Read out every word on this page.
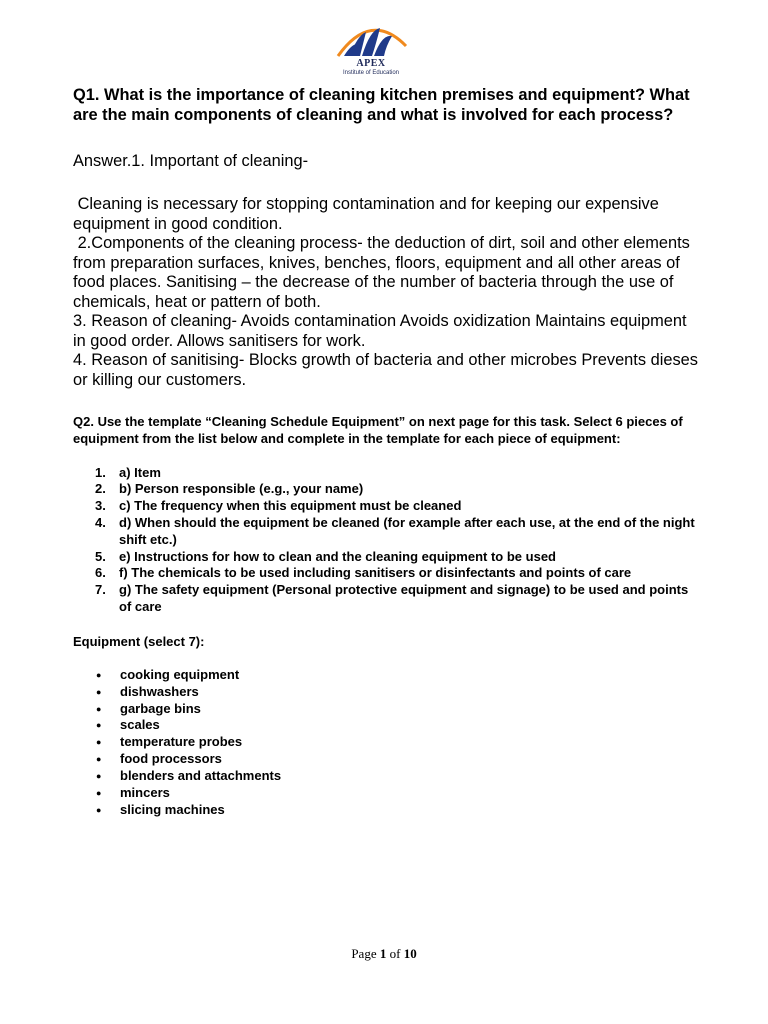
APEX
Institute of Education

Q1. What is the importance of cleaning kitchen premises and equipment? What are the main components of cleaning and what is involved for each process?

Answer.1. Important of cleaning-

Cleaning is necessary for stopping contamination and for keeping our expensive equipment in good condition.

2.Components of the cleaning process- the deduction of dirt, soil and other elements from preparation surfaces, knives, benches, floors, equipment and all other areas of food places. Sanitising – the decrease of the number of bacteria through the use of chemicals, heat or pattern of both.

3. Reason of cleaning- Avoids contamination Avoids oxidization Maintains equipment in good order. Allows sanitisers for work.

4. Reason of sanitising- Blocks growth of bacteria and other microbes Prevents dieses or killing our customers.

Q2. Use the template “Cleaning Schedule Equipment” on next page for this task. Select 6 pieces of equipment from the list below and complete in the template for each piece of equipment:

1.	a) Item
2.	b) Person responsible (e.g., your name)
3.	c) The frequency when this equipment must be cleaned
4.	d) When should the equipment be cleaned (for example after each use, at the end of the night shift etc.)
5.	e) Instructions for how to clean and the cleaning equipment to be used
6.	f) The chemicals to be used including sanitisers or disinfectants and points of care
7.	g) The safety equipment (Personal protective equipment and signage) to be used and points of care

Equipment (select 7):

●	cooking equipment
●	dishwashers
●	garbage bins
●	scales
●	temperature probes
●	food processors
●	blenders and attachments
●	mincers
●	slicing machines
Page 1 of 10
